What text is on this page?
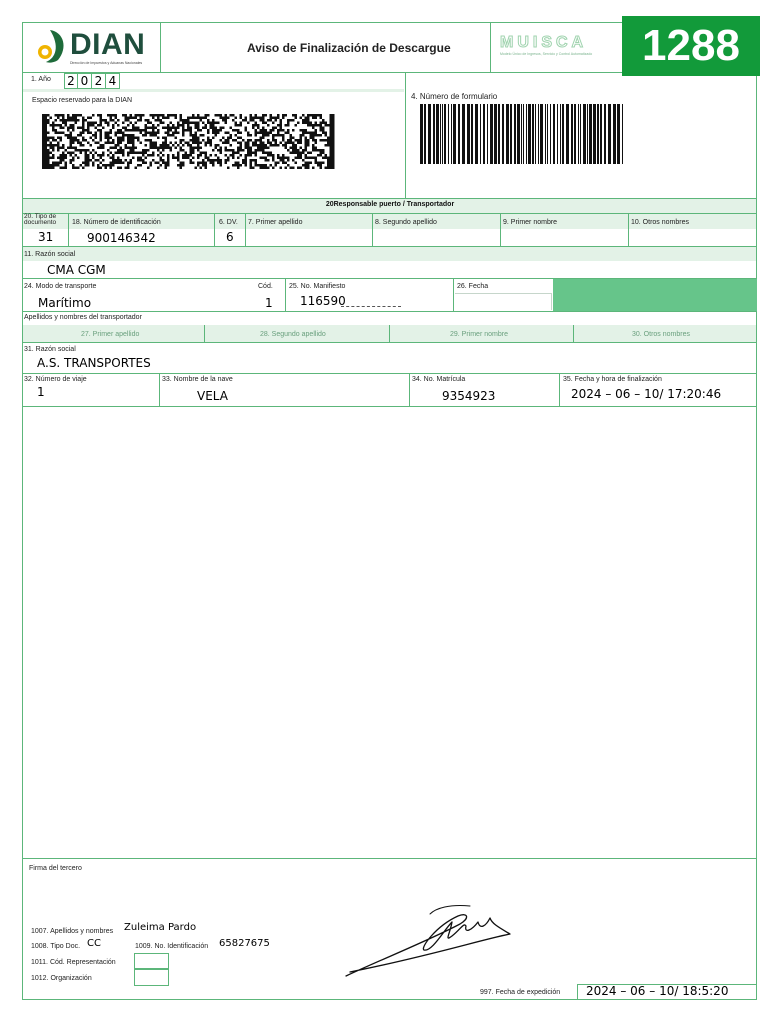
DIAN
Dirección de Impuestos y Aduanas Nacionales
Aviso de Finalización de Descargue	MUISCA
Modelo Único de Ingresos, Servicio y Control Automatizado	1288
1. Año 2 0 2 4
Espacio reservado para la DIAN	4. Número de formulario
20Responsable puerto / Transportador
20. Tipo de documento
31
18. Número de identificación
900146342
6. DV.
6
7. Primer apellido	8. Segundo apellido	9. Primer nombre	10. Otros nombres
11. Razón social
CMA CGM
24. Modo de transporte
Marítimo
Cód.
1
25. No. Manifiesto
116590
26. Fecha
Apellidos y nombres del transportador
27. Primer apellido	28. Segundo apellido	29. Primer nombre	30. Otros nombres
31. Razón social
A.S. TRANSPORTES
32. Número de viaje
1
33. Nombre de la nave
VELA
34. No. Matrícula
9354923
35. Fecha y hora de finalización
2024 – 06 – 10/ 17:20:46
Firma del tercero
1007. Apellidos y nombres Zuleima Pardo
1008. Tipo Doc. CC	1009. No. Identificación 65827675
1011. Cód. Representación
1012. Organización
997. Fecha de expedición 2024 – 06 – 10/ 18:5:20
